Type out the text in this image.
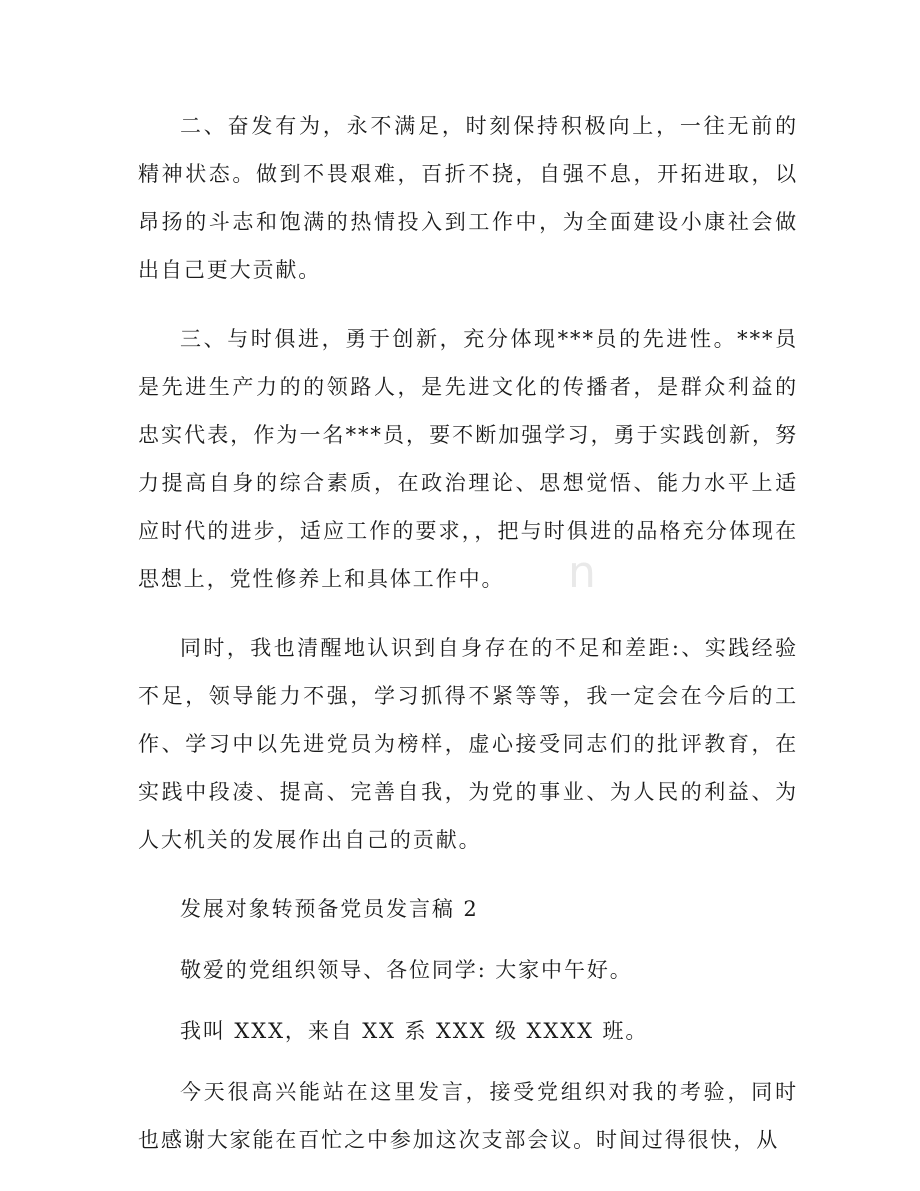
二、奋发有为，永不满足，时刻保持积极向上，一往无前的精神状态。做到不畏艰难，百折不挠，自强不息，开拓进取，以昂扬的斗志和饱满的热情投入到工作中，为全面建设小康社会做出自己更大贡献。

三、与时俱进，勇于创新，充分体现***员的先进性。***员是先进生产力的的领路人，是先进文化的传播者，是群众利益的忠实代表，作为一名***员，要不断加强学习，勇于实践创新，努力提高自身的综合素质，在政治理论、思想觉悟、能力水平上适应时代的进步，适应工作的要求，，把与时俱进的品格充分体现在思想上，党性修养上和具体工作中。

同时，我也清醒地认识到自身存在的不足和差距:、实践经验不足，领导能力不强，学习抓得不紧等等，我一定会在今后的工作、学习中以先进党员为榜样，虚心接受同志们的批评教育，在实践中段凌、提高、完善自我，为党的事业、为人民的利益、为人大机关的发展作出自己的贡献。

发展对象转预备党员发言稿 2

敬爱的党组织领导、各位同学: 大家中午好。

我叫 XXX，来自 XX 系 XXX 级 XXXX 班。

今天很高兴能站在这里发言，接受党组织对我的考验，同时也感谢大家能在百忙之中参加这次支部会议。时间过得很快，从

n
